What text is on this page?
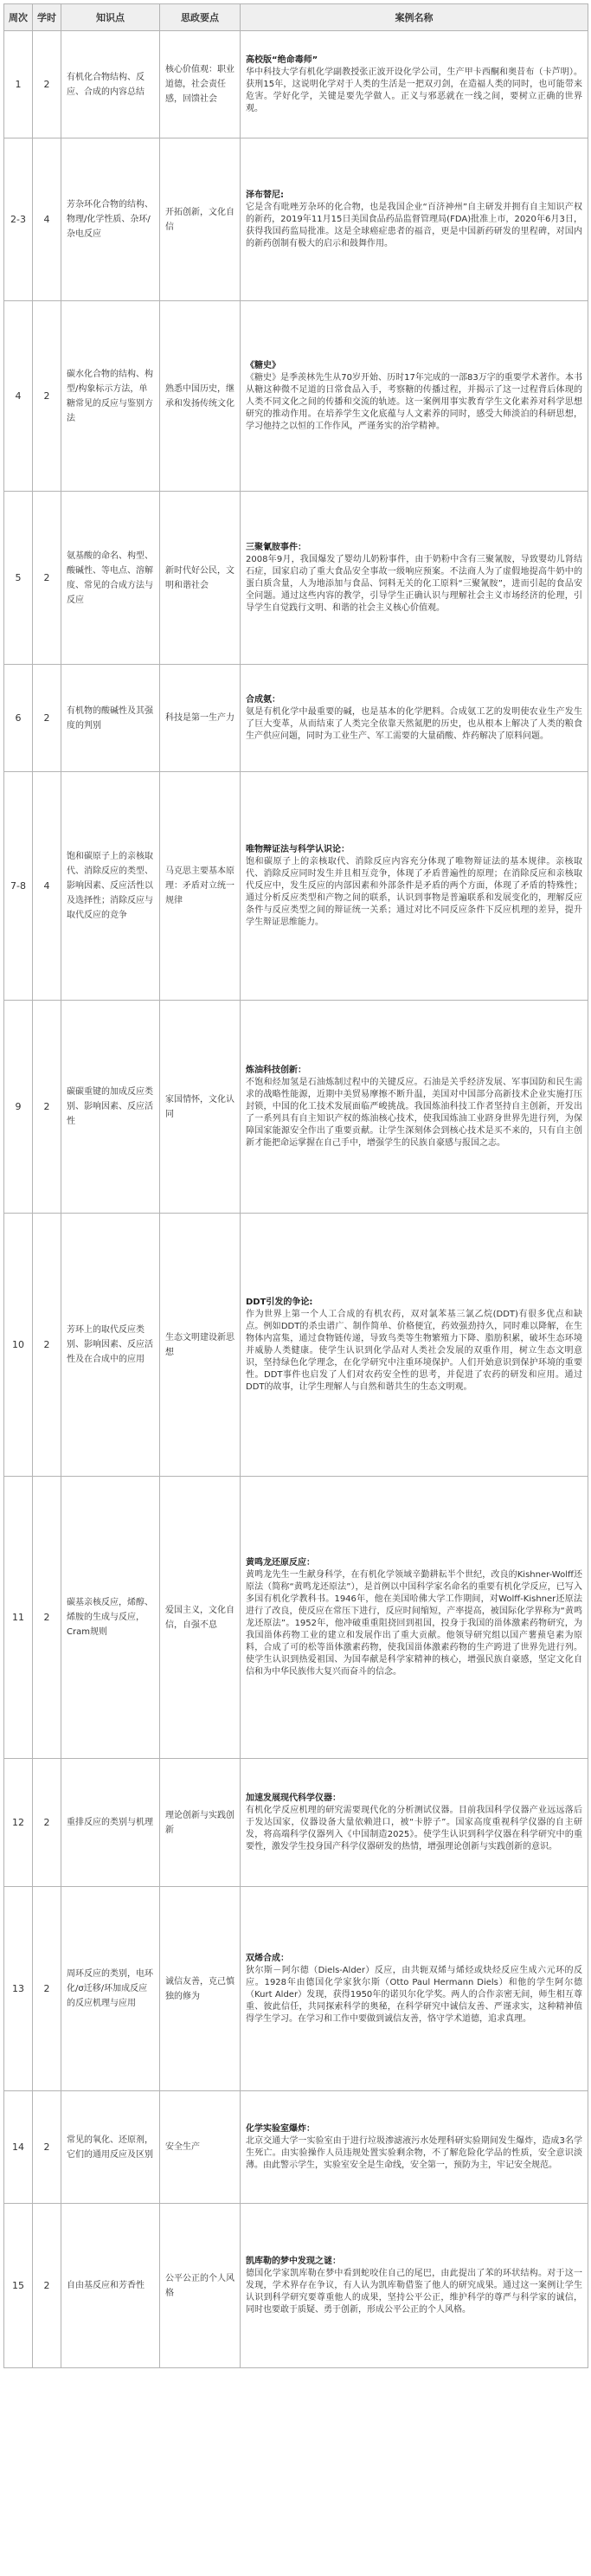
周次	学时	知识点	思政要点	案例名称
1	2	有机化合物结构、反应、合成的内容总结	核心价值观：职业道德，社会责任感，回馈社会	高校版“绝命毒师”
华中科技大学有机化学副教授张正波开设化学公司，生产甲卡西酮和奥昔布（卡芦明）。获刑15年，这说明化学对于人类的生活是一把双刃剑，在造福人类的同时，也可能带来危害。学好化学，关键是要先学做人。正义与邪恶就在一线之间，要树立正确的世界观。

2-3	4	芳杂环化合物的结构、物理/化学性质、杂环/杂电反应	开拓创新，文化自信	泽布替尼:
它是含有吡唑芳杂环的化合物，也是我国企业“百济神州”自主研发并拥有自主知识产权的新药，2019年11月15日美国食品药品监督管理局(FDA)批准上市，2020年6月3日，获得我国药监局批准。这是全球癌症患者的福音，更是中国新药研发的里程碑，对国内的新药创制有极大的启示和鼓舞作用。

4	2	碳水化合物的结构、构型/构象标示方法，单糖常见的反应与鉴别方法	熟悉中国历史，继承和发扬传统文化	《糖史》
《糖史》是季羡林先生从70岁开始、历时17年完成的一部83万字的重要学术著作。本书从糖这种微不足道的日常食品入手，考察糖的传播过程，并揭示了这一过程背后体现的人类不同文化之间的传播和交流的轨迹。这一案例用事实教育学生文化素养对科学思想研究的推动作用。在培养学生文化底蕴与人文素养的同时，感受大师淡泊的科研思想，学习他持之以恒的工作作风，严谨务实的治学精神。

5	2	氨基酸的命名、构型、酸碱性、等电点、溶解度、常见的合成方法与反应	新时代好公民，文明和谐社会	三聚氰胺事件：
2008年9月，我国爆发了婴幼儿奶粉事件，由于奶粉中含有三聚氰胺，导致婴幼儿肾结石症，国家启动了重大食品安全事故一级响应预案。不法商人为了虚假地提高牛奶中的蛋白质含量，人为地添加与食品、饲料无关的化工原料“三聚氰胺”，进而引起的食品安全问题。通过这些内容的教学，引导学生正确认识与理解社会主义市场经济的伦理，引导学生自觉践行文明、和谐的社会主义核心价值观。

6	2	有机物的酸碱性及其强度的判别	科技是第一生产力	合成氨：
氨是有机化学中最重要的碱，也是基本的化学肥料。合成氨工艺的发明使农业生产发生了巨大变革，从而结束了人类完全依靠天然氮肥的历史，也从根本上解决了人类的粮食生产供应问题，同时为工业生产、军工需要的大量硝酸、炸药解决了原料问题。

7-8	4	饱和碳原子上的亲核取代、消除反应的类型、影响因素、反应活性以及选择性；消除反应与取代反应的竞争	马克思主要基本原理：矛盾对立统一规律	唯物辩证法与科学认识论：
饱和碳原子上的亲核取代、消除反应内容充分体现了唯物辩证法的基本规律。亲核取代、消除反应同时发生并且相互竞争，体现了矛盾普遍性的原理；在消除反应和亲核取代反应中，发生反应的内部因素和外部条件是矛盾的两个方面，体现了矛盾的特殊性；通过分析反应类型和产物之间的联系，认识到事物是普遍联系和发展变化的，理解反应条件与反应类型之间的辩证统一关系；通过对比不同反应条件下反应机理的差异，提升学生辩证思维能力。

9	2	碳碳重键的加成反应类别、影响因素、反应活性	家国情怀，文化认同	炼油科技创新：
不饱和烃加氢是石油炼制过程中的关键反应。石油是关乎经济发展、军事国防和民生需求的战略性能源，近期中美贸易摩擦不断升温，美国对中国部分高新技术企业实施打压封锁，中国的化工技术发展面临严峻挑战。我国炼油科技工作者坚持自主创新，开发出了一系列具有自主知识产权的炼油核心技术，使我国炼油工业跻身世界先进行列，为保障国家能源安全作出了重要贡献。让学生深刻体会到核心技术是买不来的，只有自主创新才能把命运掌握在自己手中，增强学生的民族自豪感与报国之志。

10	2	芳环上的取代反应类别、影响因素、反应活性及在合成中的应用	生态文明建设新思想	DDT引发的争论:
作为世界上第一个人工合成的有机农药，双对氯苯基三氯乙烷(DDT)有很多优点和缺点。例如DDT的杀虫谱广、制作简单、价格便宜，药效强劲持久，同时难以降解，在生物体内富集，通过食物链传递，导致鸟类等生物繁殖力下降、脂肪积累，破坏生态环境并威胁人类健康。使学生认识到化学品对人类社会发展的双重作用，树立生态文明意识，坚持绿色化学理念，在化学研究中注重环境保护。人们开始意识到保护环境的重要性。DDT事件也启发了人们对农药安全性的思考，并促进了农药的研发和应用。通过DDT的故事，让学生理解人与自然和谐共生的生态文明观。

11	2	碳基亲核反应，烯醇、烯胺的生成与反应，Cram规则	爱国主义，文化自信，自强不息	黄鸣龙还原反应：
黄鸣龙先生一生献身科学，在有机化学领域辛勤耕耘半个世纪，改良的Kishner-Wolff还原法（简称“黄鸣龙还原法”），是首例以中国科学家名命名的重要有机化学反应，已写入多国有机化学教科书。1946年，他在美国哈佛大学工作期间，对Wolff-Kishner还原法进行了改良，使反应在常压下进行，反应时间缩短，产率提高，被国际化学界称为“黄鸣龙还原法”。1952年，他冲破重重阻挠回到祖国，投身于我国的甾体激素药物研究，为我国甾体药物工业的建立和发展作出了重大贡献。他领导研究组以国产薯蓣皂素为原料，合成了可的松等甾体激素药物，使我国甾体激素药物的生产跨进了世界先进行列。使学生认识到热爱祖国、为国奉献是科学家精神的核心，增强民族自豪感，坚定文化自信和为中华民族伟大复兴而奋斗的信念。

12	2	重排反应的类别与机理	理论创新与实践创新	加速发展现代科学仪器：
有机化学反应机理的研究需要现代化的分析测试仪器。目前我国科学仪器产业远远落后于发达国家，仪器设备大量依赖进口，被“卡脖子”。国家高度重视科学仪器的自主研发，将高端科学仪器列入《中国制造2025》。使学生认识到科学仪器在科学研究中的重要性，激发学生投身国产科学仪器研发的热情，增强理论创新与实践创新的意识。

13	2	周环反应的类别，电环化/σ迁移/环加成反应的反应机理与应用	诚信友善，克己慎独的修为	双烯合成：
狄尔斯－阿尔德（Diels-Alder）反应，由共轭双烯与烯烃或炔烃反应生成六元环的反应。1928年由德国化学家狄尔斯（Otto Paul Hermann Diels）和他的学生阿尔德（Kurt Alder）发现，获得1950年的诺贝尔化学奖。两人的合作亲密无间，师生相互尊重、彼此信任，共同探索科学的奥秘，在科学研究中诚信友善、严谨求实，这种精神值得学生学习。在学习和工作中要做到诚信友善，恪守学术道德，追求真理。

14	2	常见的氧化、还原剂，它们的通用反应及区别	安全生产	化学实验室爆炸：
北京交通大学一实验室由于进行垃圾渗滤液污水处理科研实验期间发生爆炸，造成3名学生死亡。由实验操作人员违规处置实验剩余物，不了解危险化学品的性质，安全意识淡薄。由此警示学生，实验室安全是生命线，安全第一，预防为主，牢记安全规范。

15	2	自由基反应和芳香性	公平公正的个人风格	凯库勒的梦中发现之谜：
德国化学家凯库勒在梦中看到蛇咬住自己的尾巴，由此提出了苯的环状结构。对于这一发现，学术界存在争议，有人认为凯库勒借鉴了他人的研究成果。通过这一案例让学生认识到科学研究要尊重他人的成果，坚持公平公正，维护科学的尊严与科学家的诚信，同时也要敢于质疑、勇于创新，形成公平公正的个人风格。
